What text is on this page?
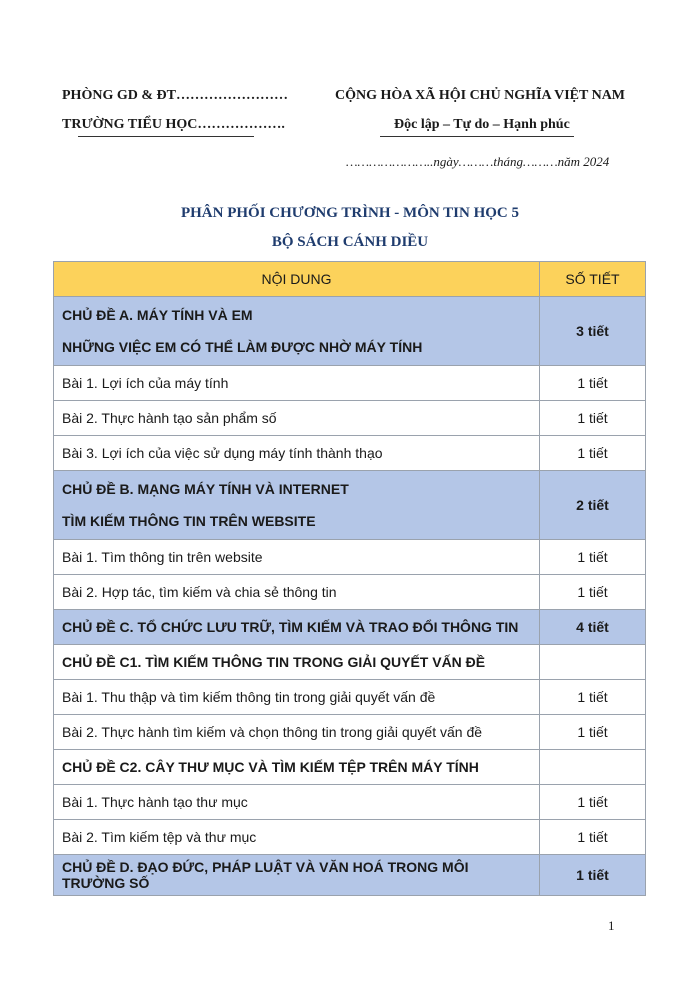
PHÒNG GD & ĐT……………………
TRƯỜNG TIỂU HỌC……………….
CỘNG HÒA XÃ HỘI CHỦ NGHĨA VIỆT NAM
Độc lập – Tự do – Hạnh phúc
…………………..ngày………tháng………năm 2024
PHÂN PHỐI CHƯƠNG TRÌNH - MÔN TIN HỌC 5
BỘ SÁCH CÁNH DIỀU
NỘI DUNG	SỐ TIẾT

CHỦ ĐỀ A. MÁY TÍNH VÀ EM
NHỮNG VIỆC EM CÓ THỂ LÀM ĐƯỢC NHỜ MÁY TÍNH	3 tiết
Bài 1. Lợi ích của máy tính	1 tiết
Bài 2. Thực hành tạo sản phẩm số	1 tiết
Bài 3. Lợi ích của việc sử dụng máy tính thành thạo	1 tiết

CHỦ ĐỀ B. MẠNG MÁY TÍNH VÀ INTERNET
TÌM KIẾM THÔNG TIN TRÊN WEBSITE	2 tiết
Bài 1. Tìm thông tin trên website	1 tiết
Bài 2. Hợp tác, tìm kiếm và chia sẻ thông tin	1 tiết
CHỦ ĐỀ C. TỔ CHỨC LƯU TRỮ, TÌM KIẾM VÀ TRAO ĐỔI THÔNG TIN	4 tiết
CHỦ ĐỀ C1. TÌM KIẾM THÔNG TIN TRONG GIẢI QUYẾT VẤN ĐỀ	
Bài 1. Thu thập và tìm kiếm thông tin trong giải quyết vấn đề	1 tiết
Bài 2. Thực hành tìm kiếm và chọn thông tin trong giải quyết vấn đề	1 tiết
CHỦ ĐỀ C2. CÂY THƯ MỤC VÀ TÌM KIẾM TỆP TRÊN MÁY TÍNH	
Bài 1. Thực hành tạo thư mục	1 tiết
Bài 2. Tìm kiếm tệp và thư mục	1 tiết
CHỦ ĐỀ D. ĐẠO ĐỨC, PHÁP LUẬT VÀ VĂN HOÁ TRONG MÔI TRƯỜNG SỐ	1 tiết
1
